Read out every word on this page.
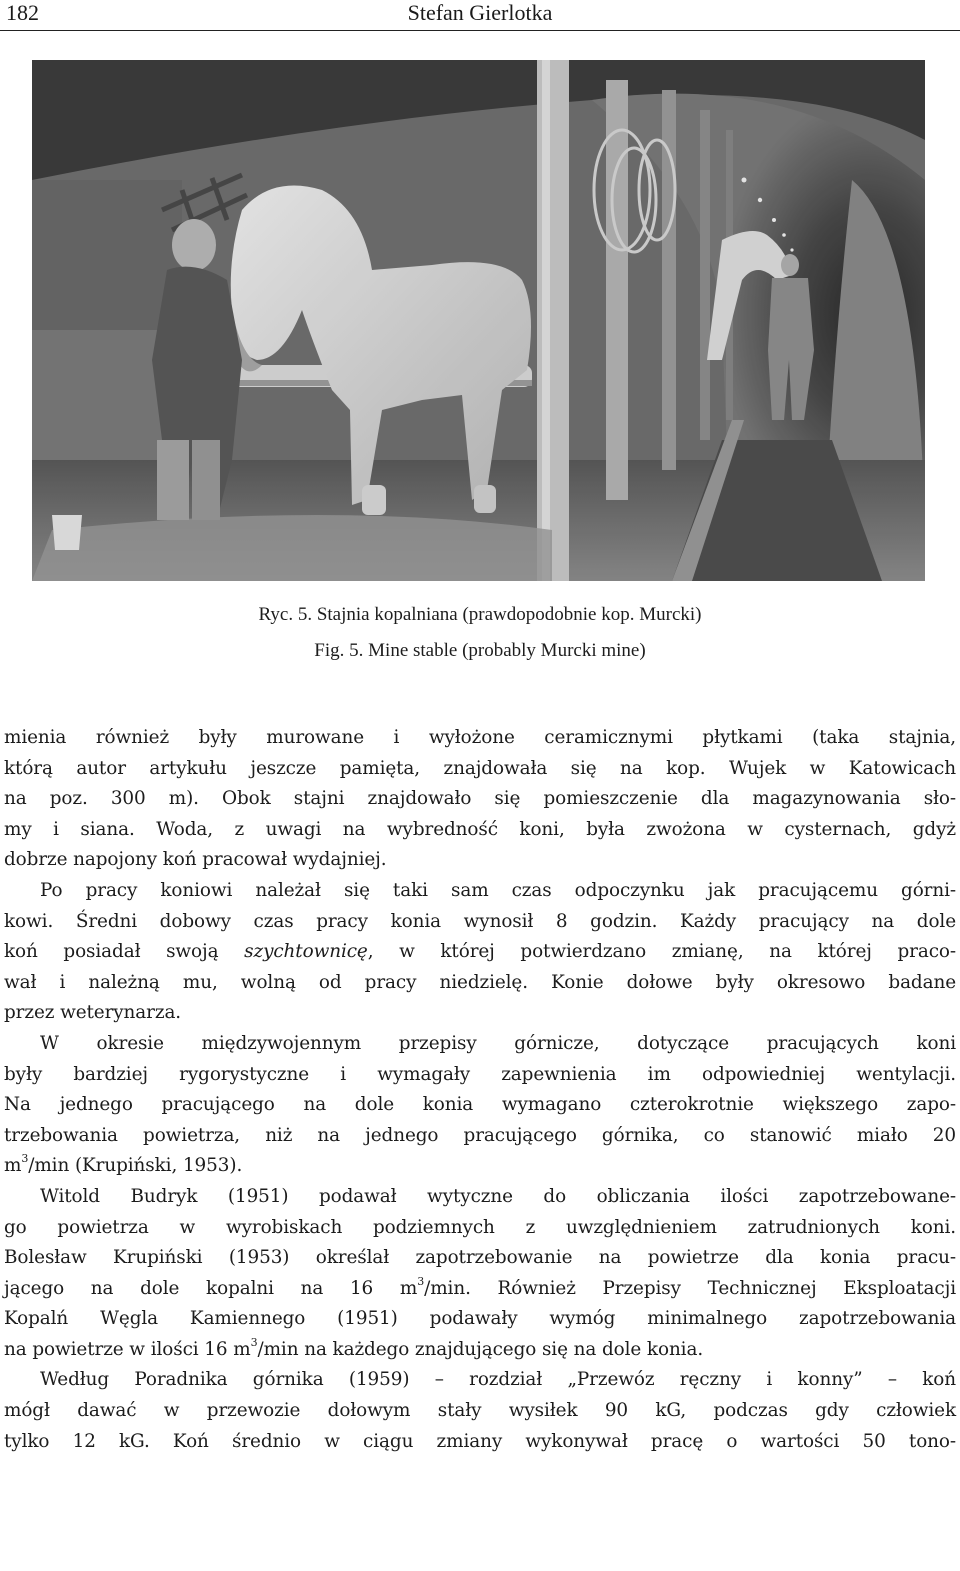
182	Stefan Gierlotka
Ryc. 5. Stajnia kopalniana (prawdopodobnie kop. Murcki)
Fig. 5. Mine stable (probably Murcki mine)
mienia również były murowane i wyłożone ceramicznymi płytkami (taka stajnia,
którą autor artykułu jeszcze pamięta, znajdowała się na kop. Wujek w Katowicach
na poz. 300 m). Obok stajni znajdowało się pomieszczenie dla magazynowania sło-
my i siana. Woda, z uwagi na wybredność koni, była zwożona w cysternach, gdyż
dobrze napojony koń pracował wydajniej.
Po pracy koniowi należał się taki sam czas odpoczynku jak pracującemu górni-
kowi. Średni dobowy czas pracy konia wynosił 8 godzin. Każdy pracujący na dole
koń posiadał swoją szychtownicę, w której potwierdzano zmianę, na której praco-
wał i należną mu, wolną od pracy niedzielę. Konie dołowe były okresowo badane
przez weterynarza.
W okresie międzywojennym przepisy górnicze, dotyczące pracujących koni
były bardziej rygorystyczne i wymagały zapewnienia im odpowiedniej wentylacji.
Na jednego pracującego na dole konia wymagano czterokrotnie większego zapo-
trzebowania powietrza, niż na jednego pracującego górnika, co stanowić miało 20
$m^3/\min$ (Krupiński, 1953).
Witold Budryk (1951) podawał wytyczne do obliczania ilości zapotrzebowane-
go powietrza w wyrobiskach podziemnych z uwzględnieniem zatrudnionych koni.
Bolesław Krupiński (1953) określał zapotrzebowanie na powietrze dla konia pracu-
jącego na dole kopalni na 16 $m^3/\min$. Również Przepisy Technicznej Eksploatacji
Kopalń Węgla Kamiennego (1951) podawały wymóg minimalnego zapotrzebowania
na powietrze w ilości 16 $m^3/\min$ na każdego znajdującego się na dole konia.
Według Poradnika górnika (1959) – rozdział „Przewóz ręczny i konny” – koń
mógł dawać w przewozie dołowym stały wysiłek 90 kG, podczas gdy człowiek
tylko 12 kG. Koń średnio w ciągu zmiany wykonywał pracę o wartości 50 tono-
